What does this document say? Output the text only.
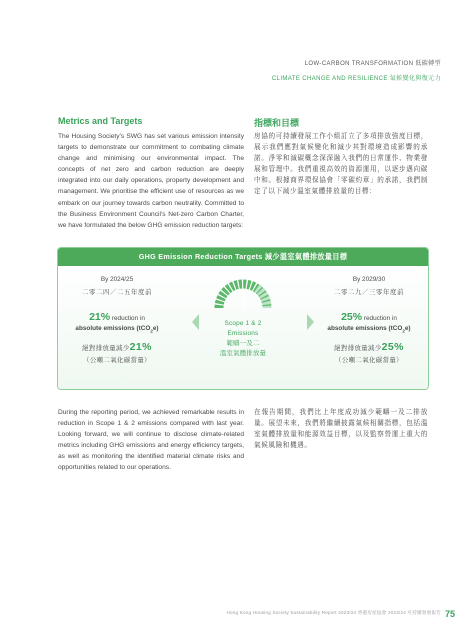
LOW-CARBON TRANSFORMATION 低碳轉型
CLIMATE CHANGE AND RESILIENCE 氣候變化與復元力
Metrics and Targets	指標和目標

The Housing Society’s SWG has set various emission intensity targets to demonstrate our commitment to combating climate change and minimising our environmental impact. The concepts of net zero and carbon reduction are deeply integrated into our daily operations, property development and management. We prioritise the efficient use of resources as we embark on our journey towards carbon neutrality. Committed to the Business Environment Council’s Net-zero Carbon Charter, we have formulated the below GHG emission reduction targets:

房協的可持續發展工作小組訂立了多項排放強度目標，展示我們應對氣候變化和減少其對環境造成影響的承諾。淨零和減碳概念深深融入我們的日常運作、物業發展和管理中。我們重視高效的資源運用，以逐步邁向碳中和。根據商界環保協會「零碳約章」的承諾，我們制定了以下減少溫室氣體排放量的目標：

GHG Emission Reduction Targets 減少溫室氣體排放量目標
By 2024/25
二零二四／二五年度前
21% reduction in
absolute emissions (tCO$_2$e)
絕對排放量減少21%
（公噸二氧化碳當量）
Scope 1 & 2
Emissions
範疇一及二
溫室氣體排放量
By 2029/30
二零二九／三零年度前
25% reduction in
absolute emissions (tCO$_2$e)
絕對排放量減少25%
（公噸二氧化碳當量）

During the reporting period, we achieved remarkable results in reduction in Scope 1 & 2 emissions compared with last year. Looking forward, we will continue to disclose climate-related metrics including GHG emissions and energy efficiency targets, as well as monitoring the identified material climate risks and opportunities related to our operations.

在報告期間，我們比上年度成功減少範疇一及二排放量。展望未來，我們將繼續披露氣候相關指標，包括溫室氣體排放量和能源效益目標，以及監察營運上重大的氣候風險和機遇。

Hong Kong Housing Society Sustainability Report 2023/24 香港房屋協會 2023/24 可持續發展報告 75
